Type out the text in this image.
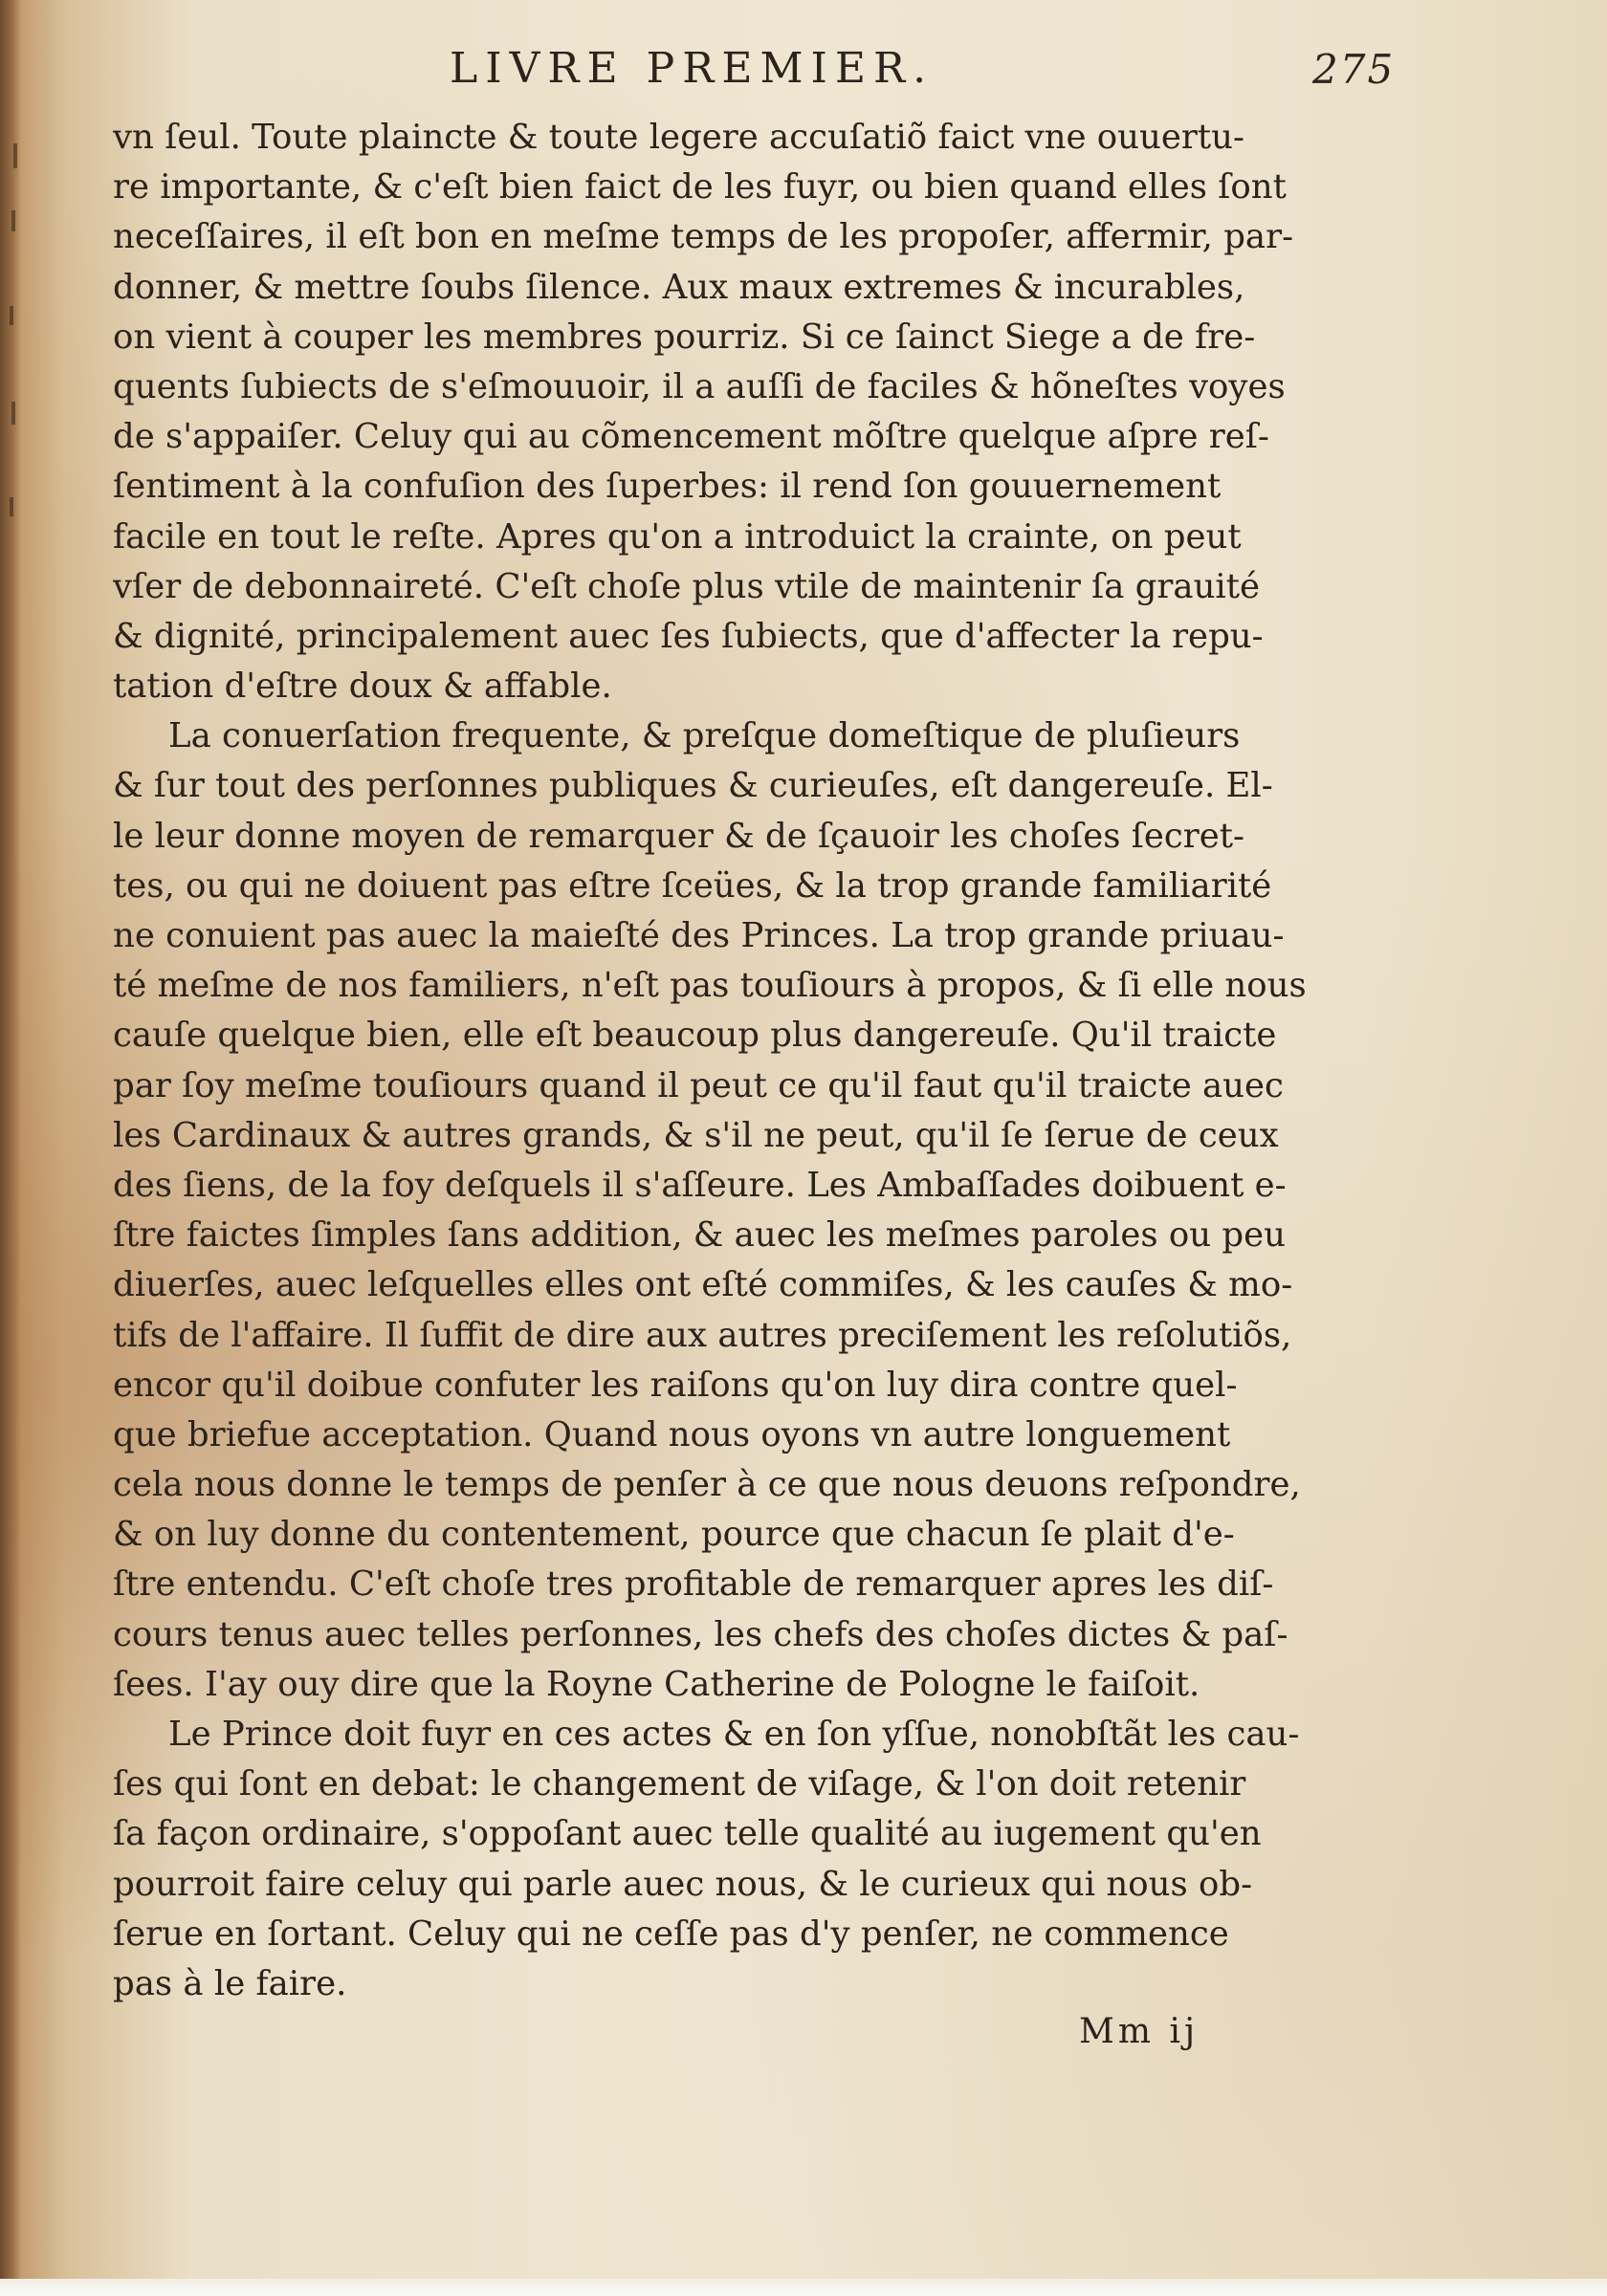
LIVRE PREMIER.	275
vn ſeul. Toute plaincte & toute legere accuſatiõ faict vne ouuertu-
re importante, & c'eſt bien faict de les fuyr, ou bien quand elles ſont
neceſſaires, il eſt bon en meſme temps de les propoſer, affermir, par-
donner, & mettre ſoubs ſilence. Aux maux extremes & incurables,
on vient à couper les membres pourriz. Si ce ſainct Siege a de fre-
quents ſubiects de s'eſmouuoir, il a auſſi de faciles & hõneſtes voyes
de s'appaiſer. Celuy qui au cõmencement mõſtre quelque aſpre reſ-
ſentiment à la confuſion des ſuperbes: il rend ſon gouuernement
facile en tout le reſte. Apres qu'on a introduict la crainte, on peut
vſer de debonnaireté. C'eſt choſe plus vtile de maintenir ſa grauité
& dignité, principalement auec ſes ſubiects, que d'affecter la repu-
tation d'eſtre doux & affable.
La conuerſation frequente, & preſque domeſtique de pluſieurs
& ſur tout des perſonnes publiques & curieuſes, eſt dangereuſe. El-
le leur donne moyen de remarquer & de ſçauoir les choſes ſecret-
tes, ou qui ne doiuent pas eſtre ſceües, & la trop grande familiarité
ne conuient pas auec la maieſté des Princes. La trop grande priuau-
té meſme de nos familiers, n'eſt pas touſiours à propos, & ſi elle nous
cauſe quelque bien, elle eſt beaucoup plus dangereuſe. Qu'il traicte
par ſoy meſme touſiours quand il peut ce qu'il faut qu'il traicte auec
les Cardinaux & autres grands, & s'il ne peut, qu'il ſe ſerue de ceux
des ſiens, de la foy deſquels il s'aſſeure. Les Ambaſſades doibuent e-
ſtre faictes ſimples ſans addition, & auec les meſmes paroles ou peu
diuerſes, auec leſquelles elles ont eſté commiſes, & les cauſes & mo-
tifs de l'affaire. Il ſuffit de dire aux autres preciſement les reſolutiõs,
encor qu'il doibue confuter les raiſons qu'on luy dira contre quel-
que briefue acceptation. Quand nous oyons vn autre longuement
cela nous donne le temps de penſer à ce que nous deuons reſpondre,
& on luy donne du contentement, pource que chacun ſe plait d'e-
ſtre entendu. C'eſt choſe tres profitable de remarquer apres les diſ-
cours tenus auec telles perſonnes, les chefs des choſes dictes & paſ-
ſees. I'ay ouy dire que la Royne Catherine de Pologne le faiſoit.
Le Prince doit fuyr en ces actes & en ſon yſſue, nonobſtãt les cau-
ſes qui ſont en debat: le changement de viſage, & l'on doit retenir
ſa façon ordinaire, s'oppoſant auec telle qualité au iugement qu'en
pourroit faire celuy qui parle auec nous, & le curieux qui nous ob-
ſerue en ſortant. Celuy qui ne ceſſe pas d'y penſer, ne commence
pas à le faire.
Mm ij
